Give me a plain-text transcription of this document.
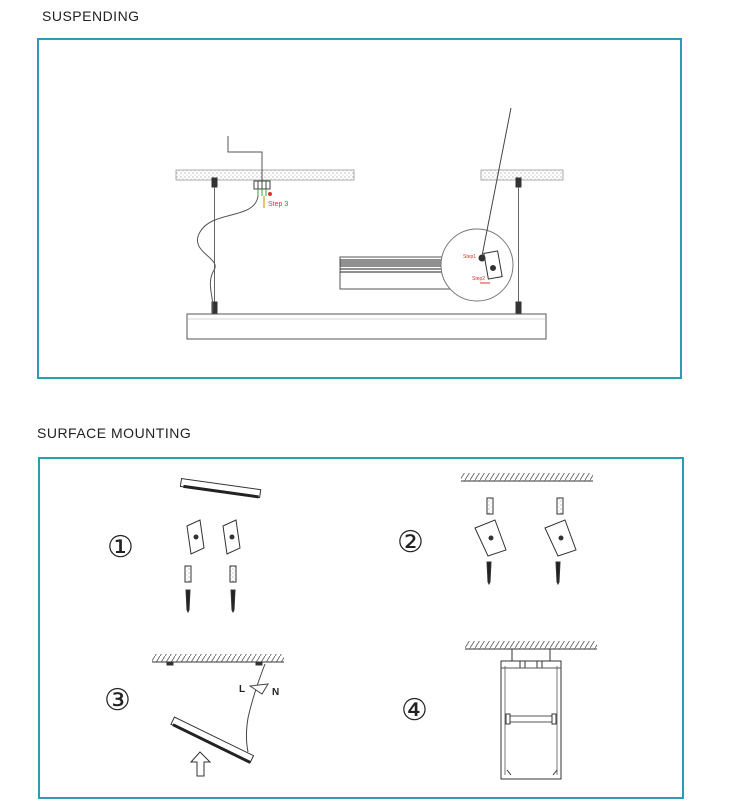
SUSPENDING
SURFACE MOUNTING
Step1
Step2
Step 3
①	②
③	L	N
④
